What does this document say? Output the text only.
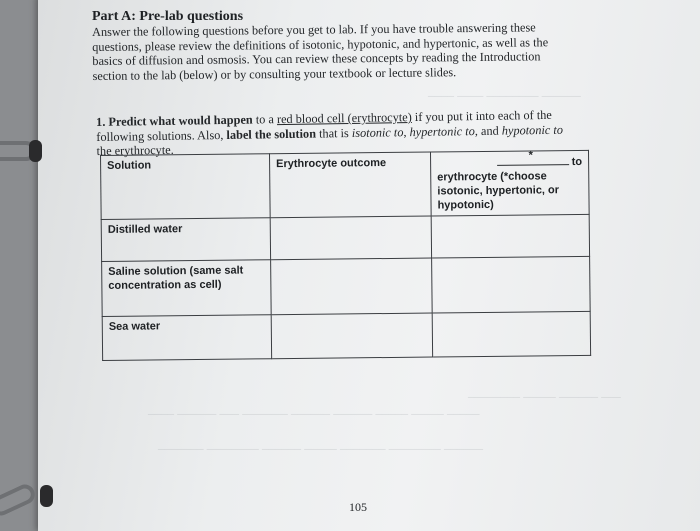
______ ________ ____ ____
___ ______ _____ ________
_____ _____ _____ ______ ______ _______ ___ ______ ____
______ ________ _______ _____ ______ ________ _______
Part A: Pre-lab questions
Answer the following questions before you get to lab. If you have trouble answering these
questions, please review the definitions of isotonic, hypotonic, and hypertonic, as well as the
basics of diffusion and osmosis. You can review these concepts by reading the Introduction
section to the lab (below) or by consulting your textbook or lecture slides.
1. Predict what would happen to a red blood cell (erythrocyte) if you put it into each of the
following solutions. Also, label the solution that is isotonic to, hypertonic to, and hypotonic to
the erythrocyte.
Solution	Erythrocyte outcome	*
to
erythrocyte (*choose
isotonic, hypertonic, or
hypotonic)

Distilled water		

Saline solution (same salt
concentration as cell)		

Sea water		

105
